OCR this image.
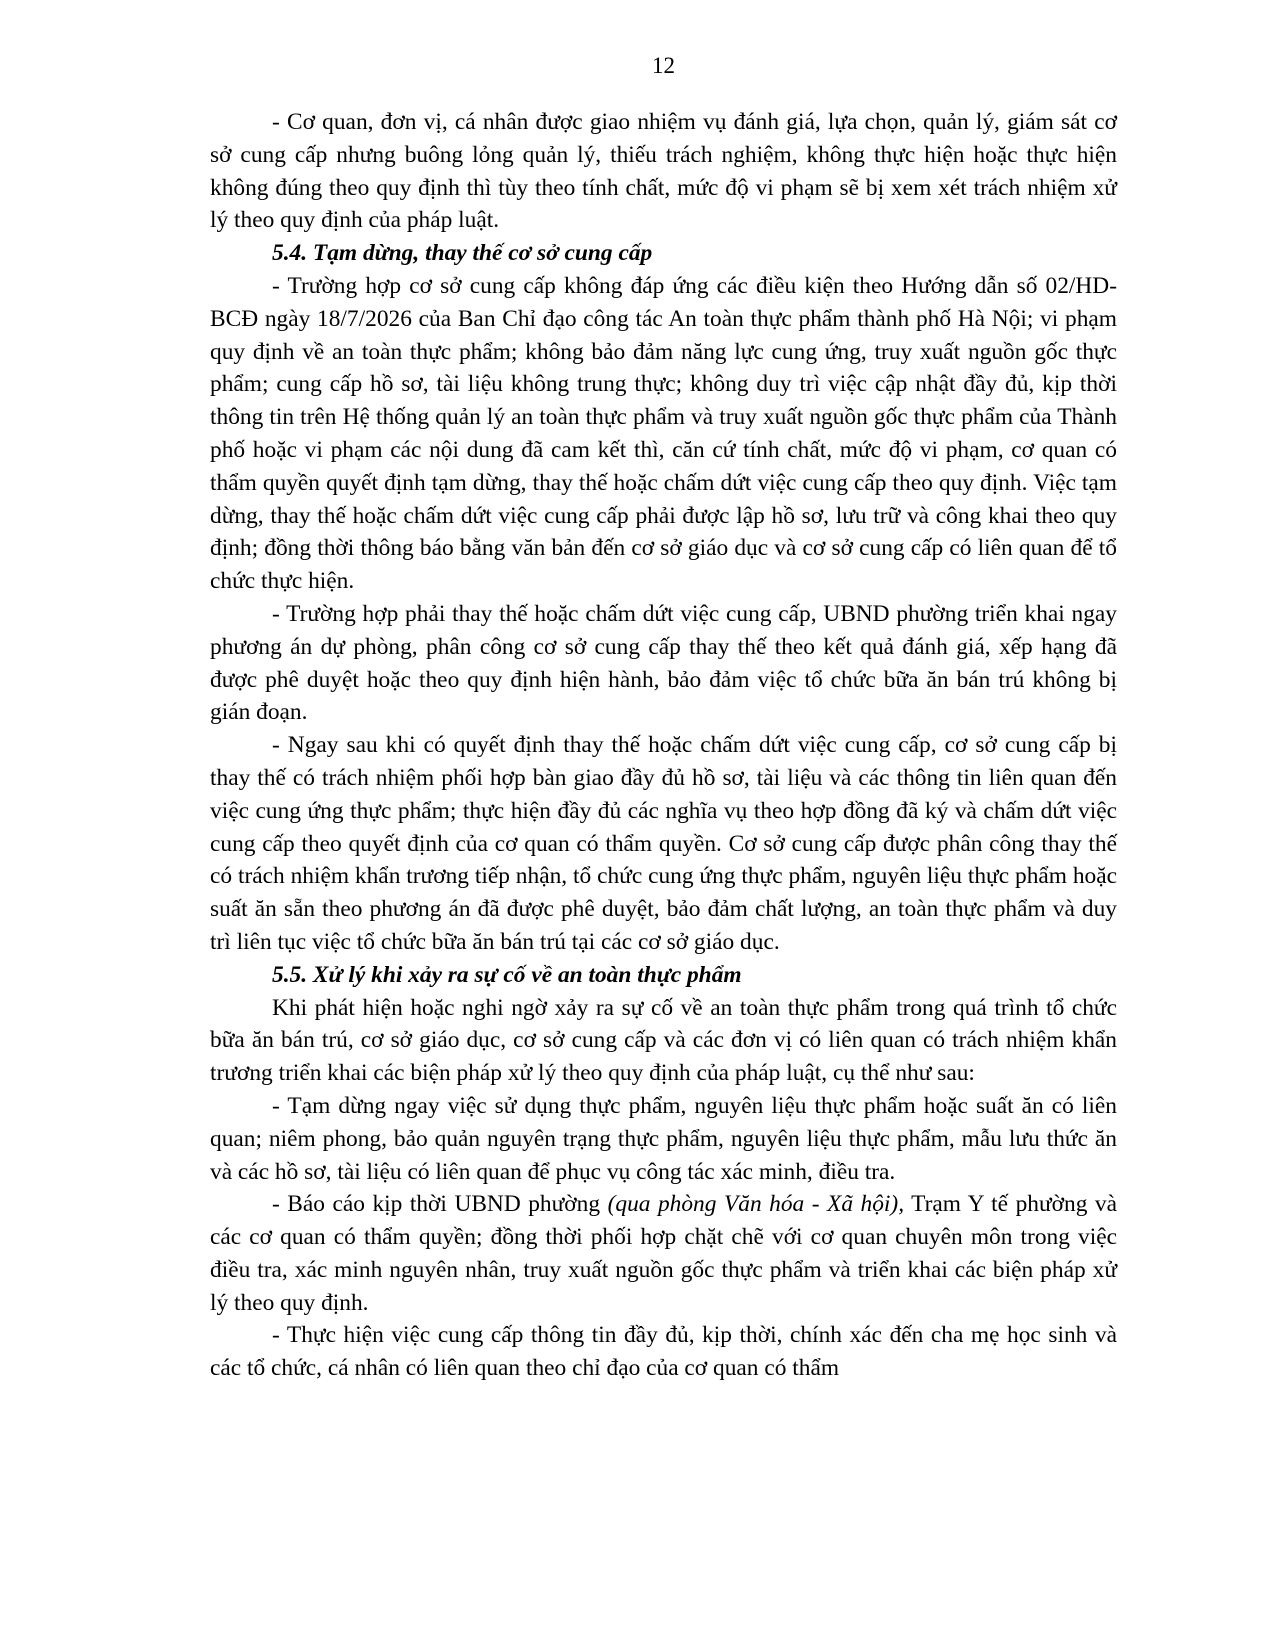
12

- Cơ quan, đơn vị, cá nhân được giao nhiệm vụ đánh giá, lựa chọn, quản lý, giám sát cơ sở cung cấp nhưng buông lỏng quản lý, thiếu trách nghiệm, không thực hiện hoặc thực hiện không đúng theo quy định thì tùy theo tính chất, mức độ vi phạm sẽ bị xem xét trách nhiệm xử lý theo quy định của pháp luật.

5.4. Tạm dừng, thay thế cơ sở cung cấp

- Trường hợp cơ sở cung cấp không đáp ứng các điều kiện theo Hướng dẫn số 02/HD-BCĐ ngày 18/7/2026 của Ban Chỉ đạo công tác An toàn thực phẩm thành phố Hà Nội; vi phạm quy định về an toàn thực phẩm; không bảo đảm năng lực cung ứng, truy xuất nguồn gốc thực phẩm; cung cấp hồ sơ, tài liệu không trung thực; không duy trì việc cập nhật đầy đủ, kịp thời thông tin trên Hệ thống quản lý an toàn thực phẩm và truy xuất nguồn gốc thực phẩm của Thành phố hoặc vi phạm các nội dung đã cam kết thì, căn cứ tính chất, mức độ vi phạm, cơ quan có thẩm quyền quyết định tạm dừng, thay thế hoặc chấm dứt việc cung cấp theo quy định. Việc tạm dừng, thay thế hoặc chấm dứt việc cung cấp phải được lập hồ sơ, lưu trữ và công khai theo quy định; đồng thời thông báo bằng văn bản đến cơ sở giáo dục và cơ sở cung cấp có liên quan để tổ chức thực hiện.

- Trường hợp phải thay thế hoặc chấm dứt việc cung cấp, UBND phường triển khai ngay phương án dự phòng, phân công cơ sở cung cấp thay thế theo kết quả đánh giá, xếp hạng đã được phê duyệt hoặc theo quy định hiện hành, bảo đảm việc tổ chức bữa ăn bán trú không bị gián đoạn.

- Ngay sau khi có quyết định thay thế hoặc chấm dứt việc cung cấp, cơ sở cung cấp bị thay thế có trách nhiệm phối hợp bàn giao đầy đủ hồ sơ, tài liệu và các thông tin liên quan đến việc cung ứng thực phẩm; thực hiện đầy đủ các nghĩa vụ theo hợp đồng đã ký và chấm dứt việc cung cấp theo quyết định của cơ quan có thẩm quyền. Cơ sở cung cấp được phân công thay thế có trách nhiệm khẩn trương tiếp nhận, tổ chức cung ứng thực phẩm, nguyên liệu thực phẩm hoặc suất ăn sẵn theo phương án đã được phê duyệt, bảo đảm chất lượng, an toàn thực phẩm và duy trì liên tục việc tổ chức bữa ăn bán trú tại các cơ sở giáo dục.

5.5. Xử lý khi xảy ra sự cố về an toàn thực phẩm

Khi phát hiện hoặc nghi ngờ xảy ra sự cố về an toàn thực phẩm trong quá trình tổ chức bữa ăn bán trú, cơ sở giáo dục, cơ sở cung cấp và các đơn vị có liên quan có trách nhiệm khẩn trương triển khai các biện pháp xử lý theo quy định của pháp luật, cụ thể như sau:

- Tạm dừng ngay việc sử dụng thực phẩm, nguyên liệu thực phẩm hoặc suất ăn có liên quan; niêm phong, bảo quản nguyên trạng thực phẩm, nguyên liệu thực phẩm, mẫu lưu thức ăn và các hồ sơ, tài liệu có liên quan để phục vụ công tác xác minh, điều tra.

- Báo cáo kịp thời UBND phường (qua phòng Văn hóa - Xã hội), Trạm Y tế phường và các cơ quan có thẩm quyền; đồng thời phối hợp chặt chẽ với cơ quan chuyên môn trong việc điều tra, xác minh nguyên nhân, truy xuất nguồn gốc thực phẩm và triển khai các biện pháp xử lý theo quy định.

- Thực hiện việc cung cấp thông tin đầy đủ, kịp thời, chính xác đến cha mẹ học sinh và các tổ chức, cá nhân có liên quan theo chỉ đạo của cơ quan có thẩm
